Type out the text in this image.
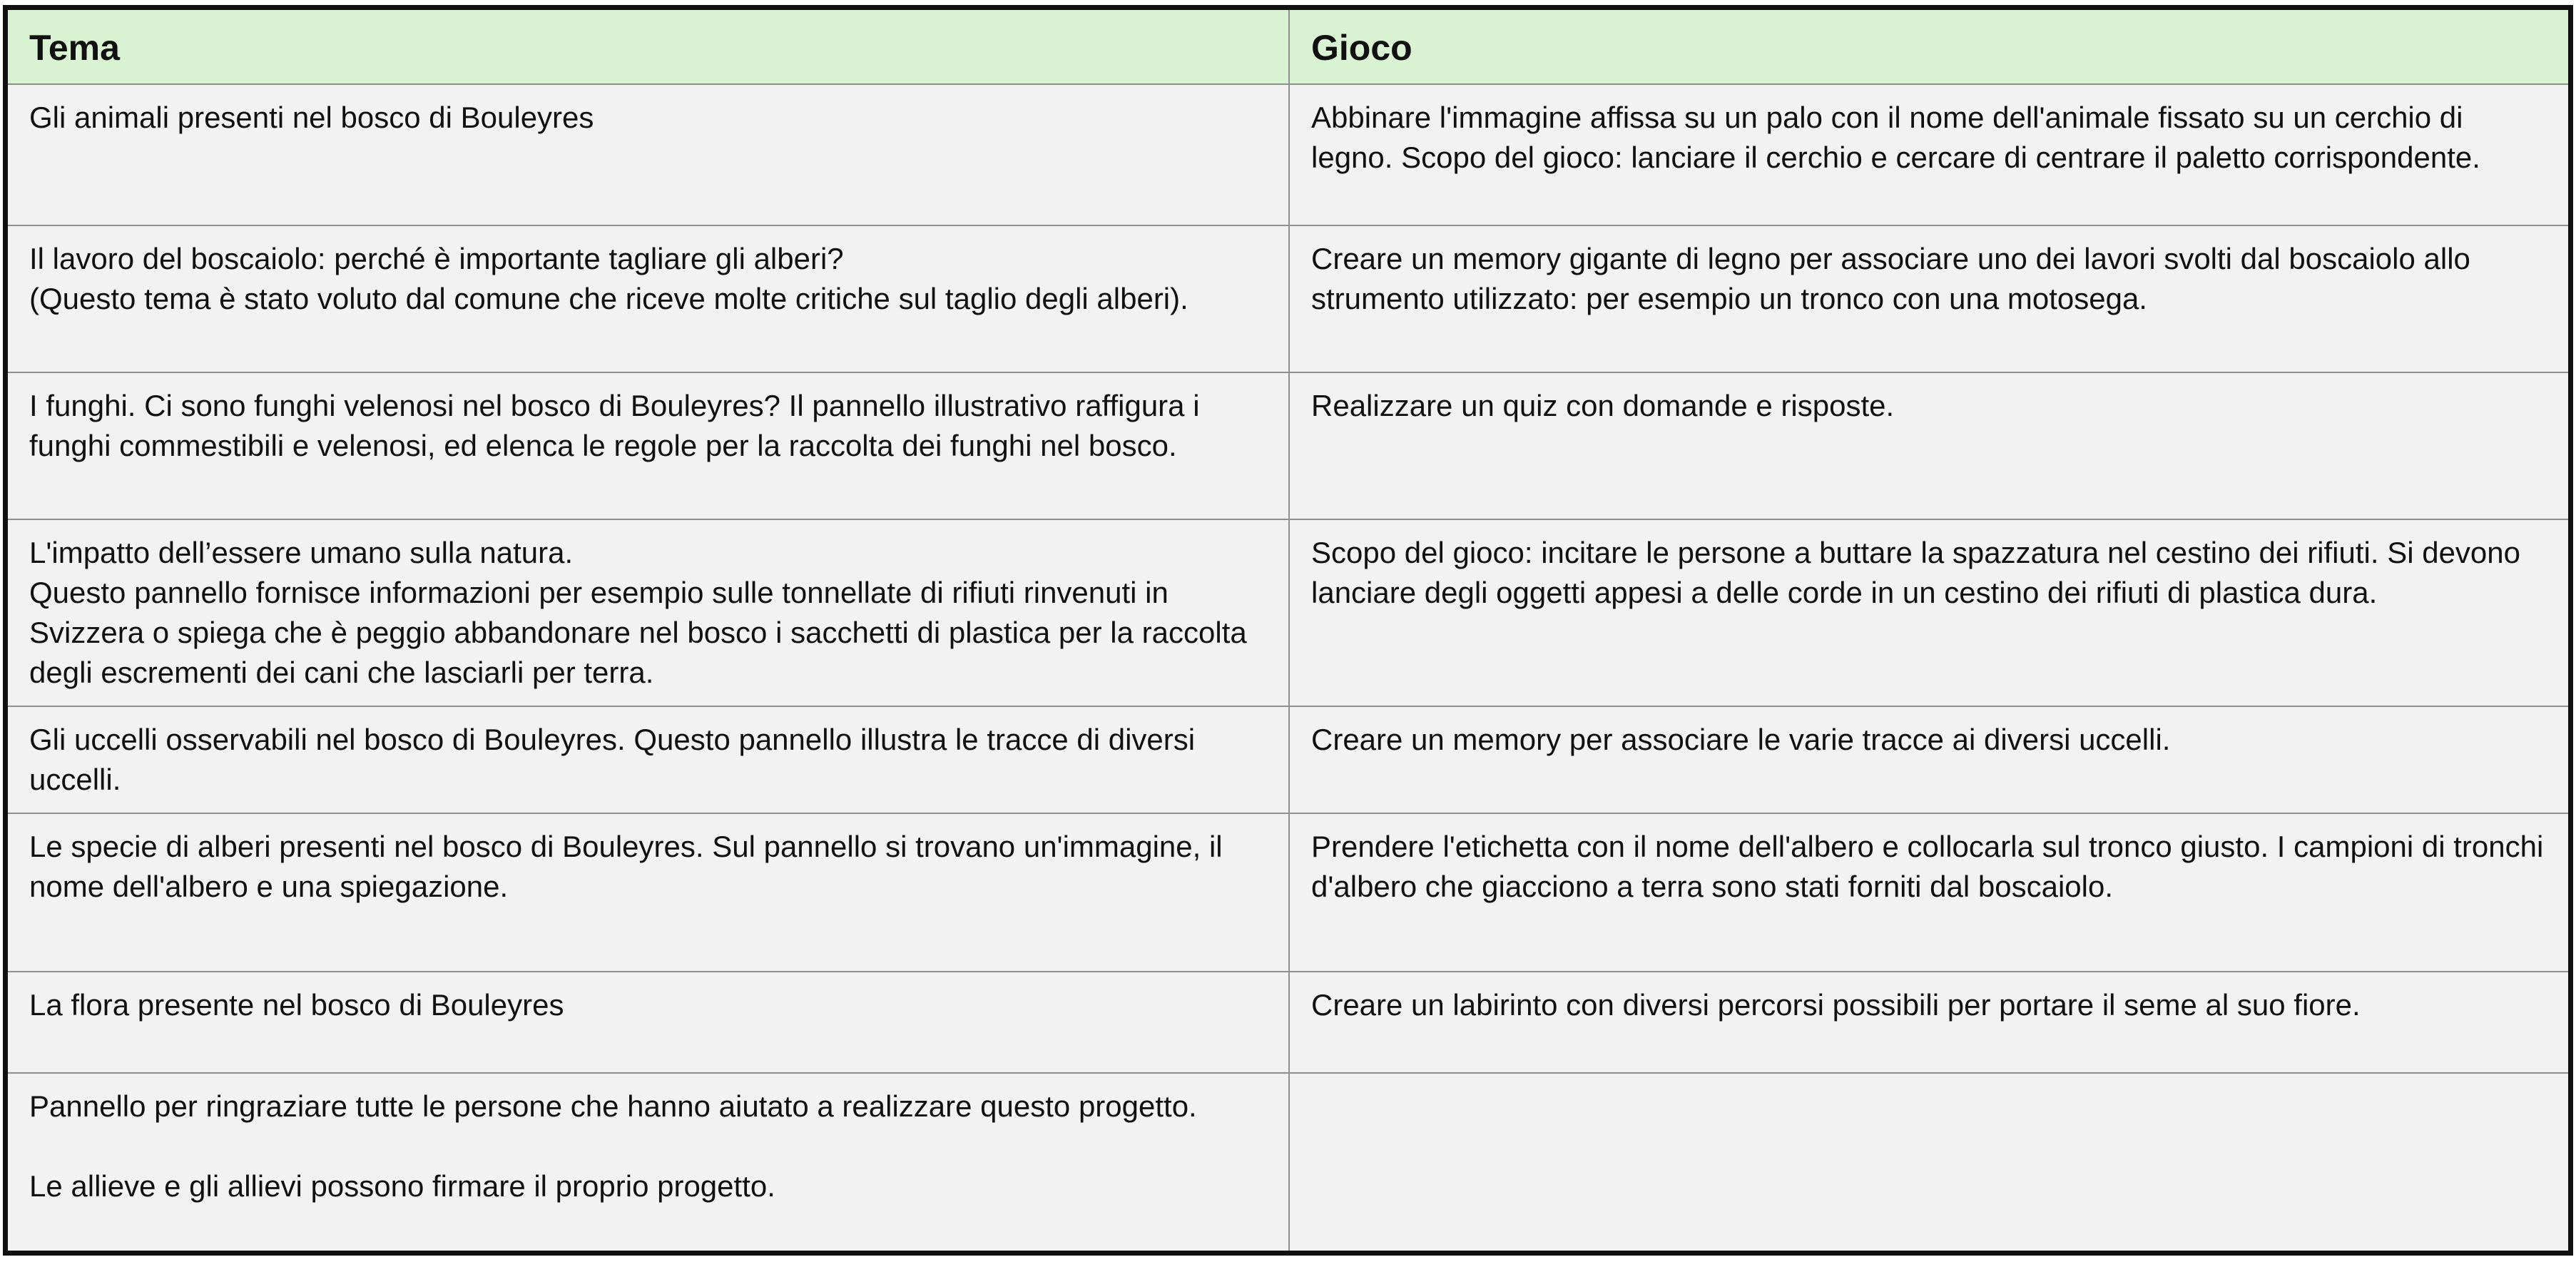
Tema	Gioco
Gli animali presenti nel bosco di Bouleyres	Abbinare l'immagine affissa su un palo con il nome dell'animale fissato su un cerchio di legno. Scopo del gioco: lanciare il cerchio e cercare di centrare il paletto corrispondente.
Il lavoro del boscaiolo: perché è importante tagliare gli alberi?
(Questo tema è stato voluto dal comune che riceve molte critiche sul taglio degli alberi).	Creare un memory gigante di legno per associare uno dei lavori svolti dal boscaiolo allo strumento utilizzato: per esempio un tronco con una motosega.
I funghi. Ci sono funghi velenosi nel bosco di Bouleyres? Il pannello illustrativo raffigura i funghi commestibili e velenosi, ed elenca le regole per la raccolta dei funghi nel bosco.	Realizzare un quiz con domande e risposte.
L'impatto dell’essere umano sulla natura.
Questo pannello fornisce informazioni per esempio sulle tonnellate di rifiuti rinvenuti in Svizzera o spiega che è peggio abbandonare nel bosco i sacchetti di plastica per la raccolta degli escrementi dei cani che lasciarli per terra.	Scopo del gioco: incitare le persone a buttare la spazzatura nel cestino dei rifiuti. Si devono lanciare degli oggetti appesi a delle corde in un cestino dei rifiuti di plastica dura.
Gli uccelli osservabili nel bosco di Bouleyres. Questo pannello illustra le tracce di diversi uccelli.	Creare un memory per associare le varie tracce ai diversi uccelli.
Le specie di alberi presenti nel bosco di Bouleyres. Sul pannello si trovano un'immagine, il nome dell'albero e una spiegazione.	Prendere l'etichetta con il nome dell'albero e collocarla sul tronco giusto. I campioni di tronchi d'albero che giacciono a terra sono stati forniti dal boscaiolo.
La flora presente nel bosco di Bouleyres	Creare un labirinto con diversi percorsi possibili per portare il seme al suo fiore.
Pannello per ringraziare tutte le persone che hanno aiutato a realizzare questo progetto.

Le allieve e gli allievi possono firmare il proprio progetto.	
